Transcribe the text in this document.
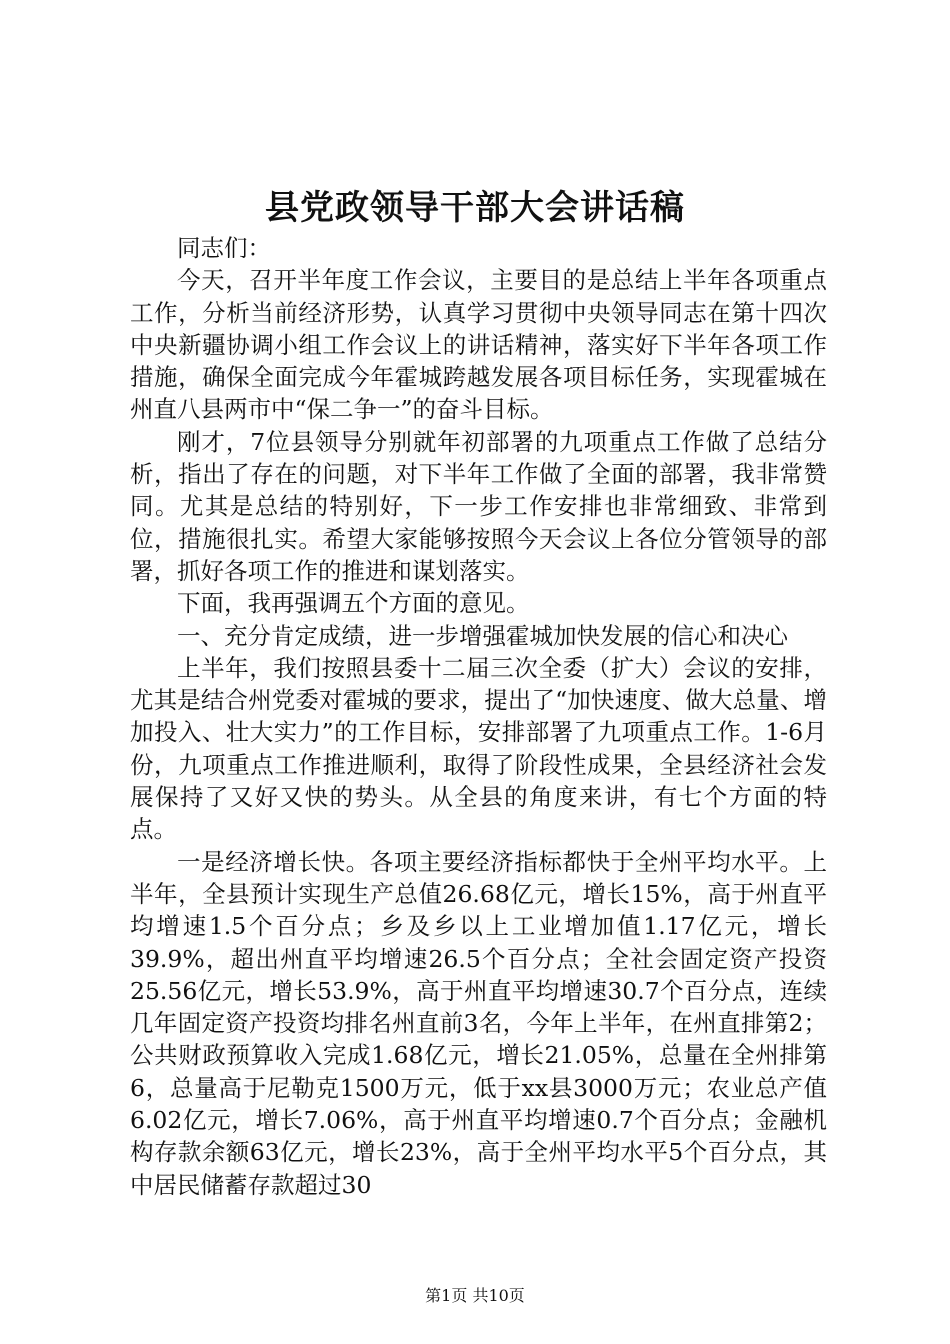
县党政领导干部大会讲话稿

同志们：

今天，召开半年度工作会议，主要目的是总结上半年各项重点工作，分析当前经济形势，认真学习贯彻中央领导同志在第十四次中央新疆协调小组工作会议上的讲话精神，落实好下半年各项工作措施，确保全面完成今年霍城跨越发展各项目标任务，实现霍城在州直八县两市中“保二争一”的奋斗目标。

刚才，7位县领导分别就年初部署的九项重点工作做了总结分析，指出了存在的问题，对下半年工作做了全面的部署，我非常赞同。尤其是总结的特别好，下一步工作安排也非常细致、非常到位，措施很扎实。希望大家能够按照今天会议上各位分管领导的部署，抓好各项工作的推进和谋划落实。

下面，我再强调五个方面的意见。

一、充分肯定成绩，进一步增强霍城加快发展的信心和决心

上半年，我们按照县委十二届三次全委（扩大）会议的安排，尤其是结合州党委对霍城的要求，提出了“加快速度、做大总量、增加投入、壮大实力”的工作目标，安排部署了九项重点工作。1-6月份，九项重点工作推进顺利，取得了阶段性成果，全县经济社会发展保持了又好又快的势头。从全县的角度来讲，有七个方面的特点。

一是经济增长快。各项主要经济指标都快于全州平均水平。上半年，全县预计实现生产总值26.68亿元，增长15%，高于州直平均增速1.5个百分点；乡及乡以上工业增加值1.17亿元，增长39.9%，超出州直平均增速26.5个百分点；全社会固定资产投资25.56亿元，增长53.9%，高于州直平均增速30.7个百分点，连续几年固定资产投资均排名州直前3名，今年上半年，在州直排第2；公共财政预算收入完成1.68亿元，增长21.05%，总量在全州排第6，总量高于尼勒克1500万元，低于xx县3000万元；农业总产值6.02亿元，增长7.06%，高于州直平均增速0.7个百分点；金融机构存款余额63亿元，增长23%，高于全州平均水平5个百分点，其中居民储蓄存款超过30

第1页 共10页
